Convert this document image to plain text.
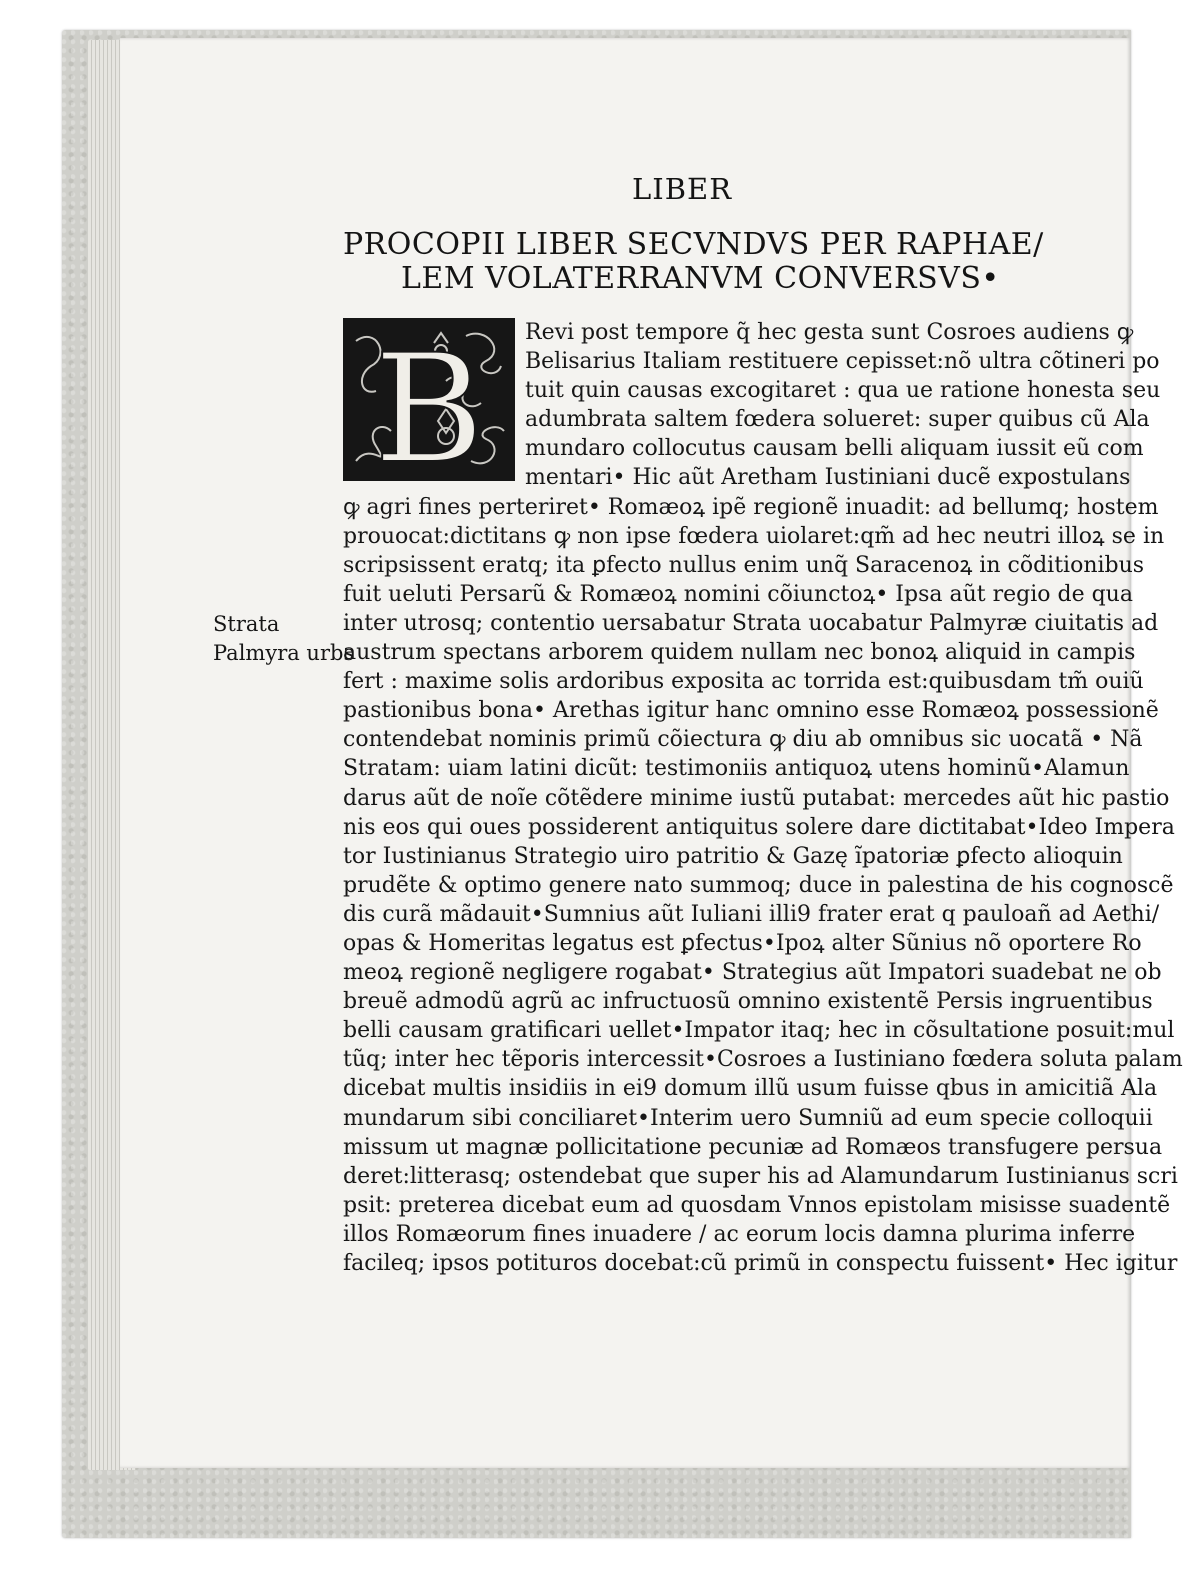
LIBER
PROCOPII LIBER SECVNDVS PER RAPHAE/
LEM VOLATERRANVM CONVERSVS•
B	Revi post tempore q̃ hec gesta sunt Cosroes audiens ꝙ
Belisarius Italiam restituere cepisset:nõ ultra cõtineri po
tuit quin causas excogitaret : qua ue ratione honesta seu
adumbrata saltem fœdera solueret: super quibus cũ Ala
mundaro collocutus causam belli aliquam iussit eũ com
mentari• Hic aũt Aretham Iustiniani ducẽ expostulans
ꝙ agri fines perteriret• Romæoꝝ ipẽ regionẽ inuadit: ad bellumq; hostem
prouocat:dictitans ꝙ non ipse fœdera uiolaret:qm̃ ad hec neutri illoꝝ se in
scripsissent eratq; ita ꝑfecto nullus enim unq̃ Saracenoꝝ in cõditionibus
fuit ueluti Persarũ & Romæoꝝ nomini cõiunctoꝝ• Ipsa aũt regio de qua
inter utrosq; contentio uersabatur Strata uocabatur Palmyræ ciuitatis ad
austrum spectans arborem quidem nullam nec bonoꝝ aliquid in campis
fert : maxime solis ardoribus exposita ac torrida est:quibusdam tm̃ ouiũ
pastionibus bona• Arethas igitur hanc omnino esse Romæoꝝ possessionẽ
contendebat nominis primũ cõiectura ꝙ diu ab omnibus sic uocatã • Nã
Stratam: uiam latini dicũt: testimoniis antiquoꝝ utens hominũ•Alamun
darus aũt de noĩe cõtẽdere minime iustũ putabat: mercedes aũt hic pastio
nis eos qui oues possiderent antiquitus solere dare dictitabat•Ideo Impera
tor Iustinianus Strategio uiro patritio & Gazę ĩpatoriæ ꝑfecto alioquin
prudẽte & optimo genere nato summoq; duce in palestina de his cognoscẽ
dis curã mãdauit•Sumnius aũt Iuliani illi9 frater erat q pauloañ ad Aethi/
opas & Homeritas legatus est ꝑfectus•Ipoꝝ alter Sũnius nõ oportere Ro
meoꝝ regionẽ negligere rogabat• Strategius aũt Impatori suadebat ne ob
breuẽ admodũ agrũ ac infructuosũ omnino existentẽ Persis ingruentibus
belli causam gratificari uellet•Impator itaq; hec in cõsultatione posuit:mul
tũq; inter hec tẽporis intercessit•Cosroes a Iustiniano fœdera soluta palam
dicebat multis insidiis in ei9 domum illũ usum fuisse qbus in amicitiã Ala
mundarum sibi conciliaret•Interim uero Sumniũ ad eum specie colloquii
missum ut magnæ pollicitatione pecuniæ ad Romæos transfugere persua
deret:litterasq; ostendebat que super his ad Alamundarum Iustinianus scri
psit: preterea dicebat eum ad quosdam Vnnos epistolam misisse suadentẽ
illos Romæorum fines inuadere / ac eorum locis damna plurima inferre
facileq; ipsos potituros docebat:cũ primũ in conspectu fuissent• Hec igitur
Strata
Palmyra urbs
